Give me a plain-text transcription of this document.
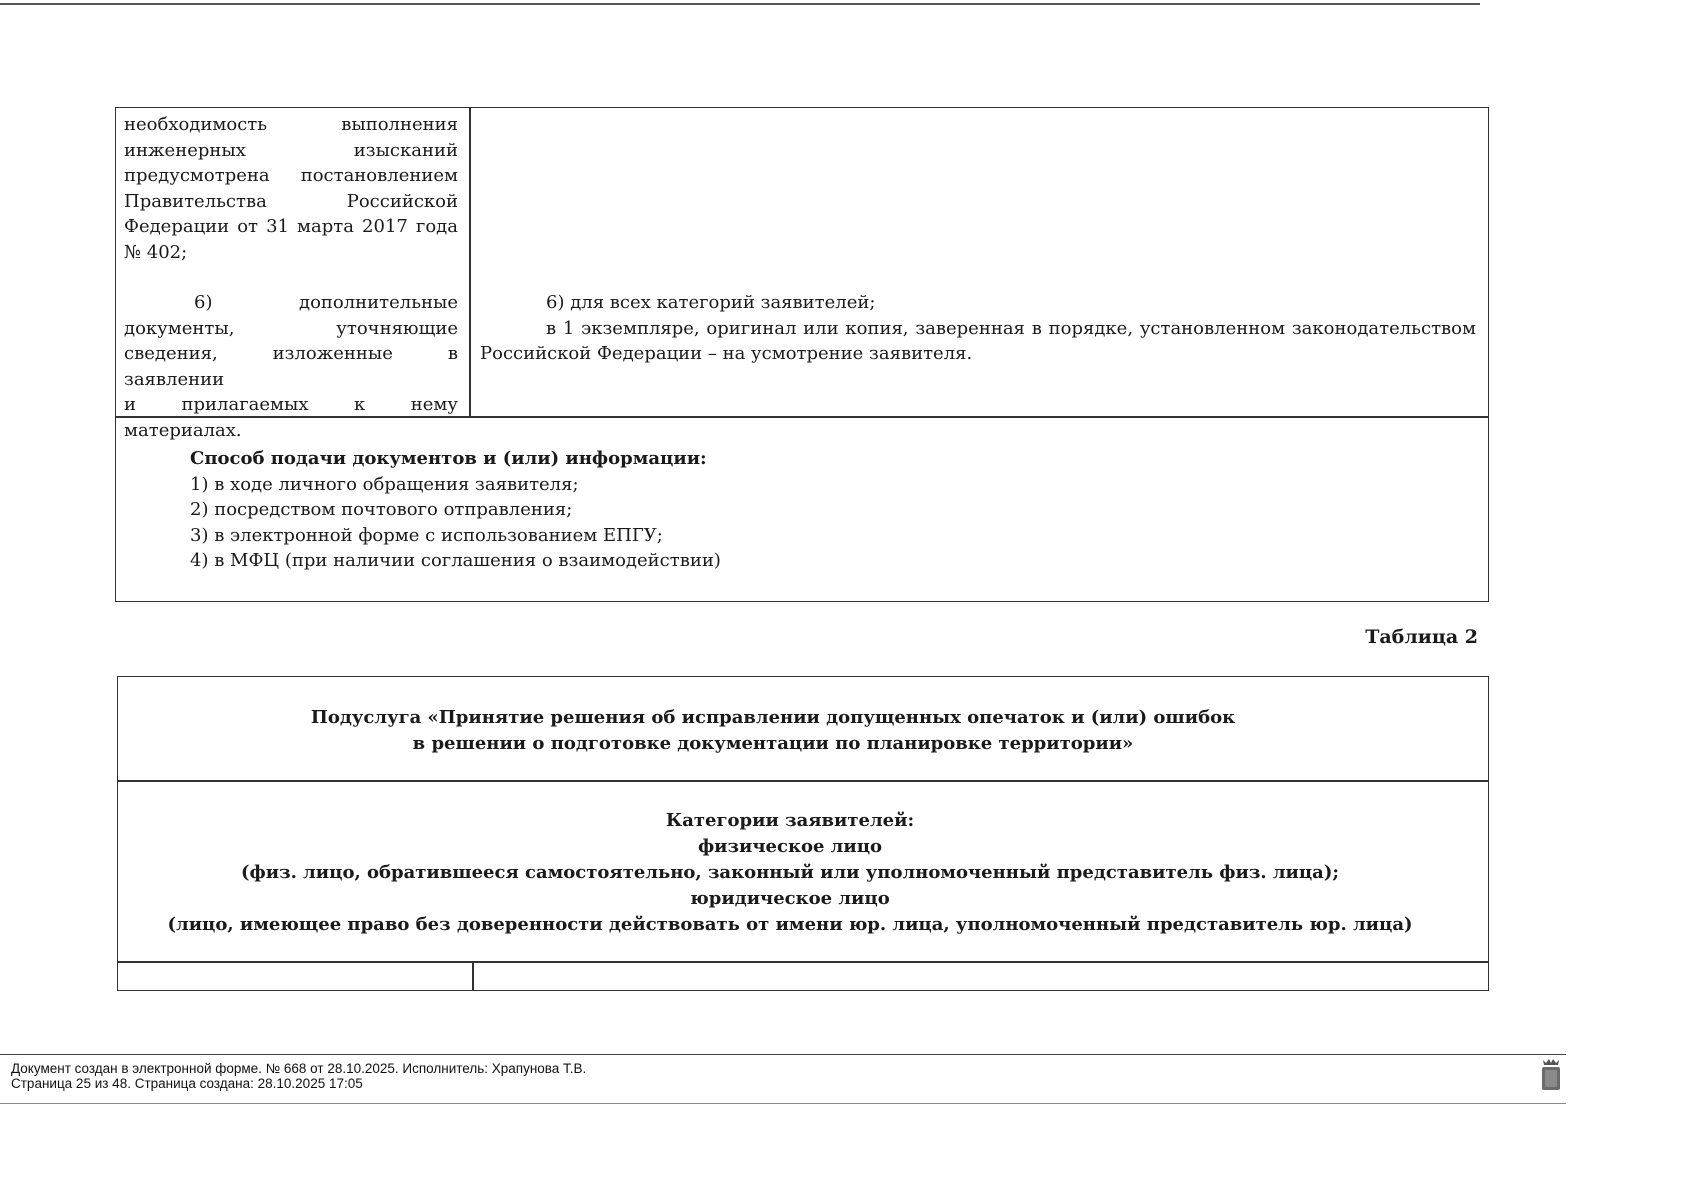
необходимость выполнения

инженерных изысканий

предусмотрена постановлением

Правительства Российской

Федерации от 31 марта 2017 года

№ 402;

6) дополнительные

документы, уточняющие

сведения, изложенные в заявлении

и прилагаемых к нему материалах.

6) для всех категорий заявителей;

в 1 экземпляре, оригинал или копия, заверенная в порядке, установленном законодательством Российской Федерации – на усмотрение заявителя.

Способ подачи документов и (или) информации:

1) в ходе личного обращения заявителя;

2) посредством почтового отправления;

3) в электронной форме с использованием ЕПГУ;

4) в МФЦ (при наличии соглашения о взаимодействии)

Таблица 2

Подуслуга «Принятие решения об исправлении допущенных опечаток и (или) ошибок

в решении о подготовке документации по планировке территории»

Категории заявителей:

физическое лицо

(физ. лицо, обратившееся самостоятельно, законный или уполномоченный представитель физ. лица);

юридическое лицо

(лицо, имеющее право без доверенности действовать от имени юр. лица, уполномоченный представитель юр. лица)

Документ создан в электронной форме. № 668 от 28.10.2025. Исполнитель: Храпунова Т.В.
Страница 25 из 48. Страница создана: 28.10.2025 17:05
